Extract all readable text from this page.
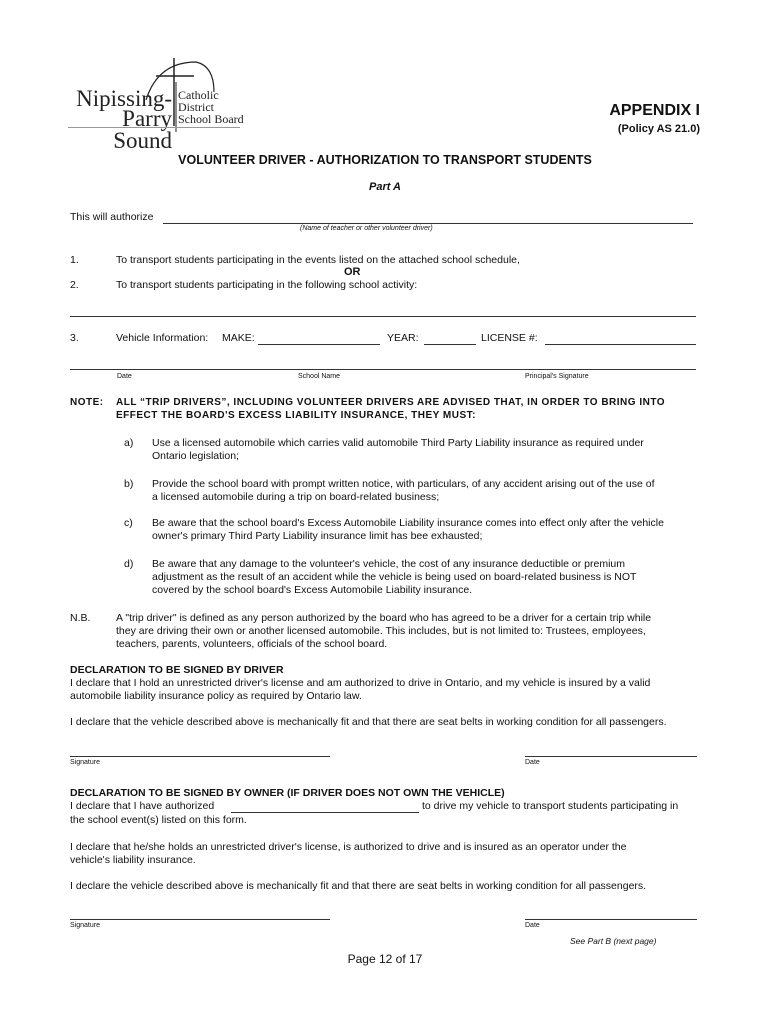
Nipissing-
Parry Sound
Catholic
District
School Board	APPENDIX I
(Policy AS 21.0)
VOLUNTEER DRIVER - AUTHORIZATION TO TRANSPORT STUDENTS
Part A
This will authorize
(Name of teacher or other volunteer driver)
1.	To transport students participating in the events listed on the attached school schedule,
OR
2.	To transport students participating in the following school activity:
3.	Vehicle Information: MAKE:	YEAR:	LICENSE #:
Date	School Name	Principal's Signature
NOTE: ALL “TRIP DRIVERS”, INCLUDING VOLUNTEER DRIVERS ARE ADVISED THAT, IN ORDER TO BRING INTO
EFFECT THE BOARD'S EXCESS LIABILITY INSURANCE, THEY MUST:
a) Use a licensed automobile which carries valid automobile Third Party Liability insurance as required under
Ontario legislation;
b) Provide the school board with prompt written notice, with particulars, of any accident arising out of the use of
a licensed automobile during a trip on board-related business;
c) Be aware that the school board's Excess Automobile Liability insurance comes into effect only after the vehicle
owner's primary Third Party Liability insurance limit has bee exhausted;
d) Be aware that any damage to the volunteer's vehicle, the cost of any insurance deductible or premium
adjustment as the result of an accident while the vehicle is being used on board-related business is NOT
covered by the school board's Excess Automobile Liability insurance.
N.B. A "trip driver" is defined as any person authorized by the board who has agreed to be a driver for a certain trip while
they are driving their own or another licensed automobile. This includes, but is not limited to: Trustees, employees,
teachers, parents, volunteers, officials of the school board.
DECLARATION TO BE SIGNED BY DRIVER
I declare that I hold an unrestricted driver's license and am authorized to drive in Ontario, and my vehicle is insured by a valid
automobile liability insurance policy as required by Ontario law.
I declare that the vehicle described above is mechanically fit and that there are seat belts in working condition for all passengers.
Signature	Date
DECLARATION TO BE SIGNED BY OWNER (IF DRIVER DOES NOT OWN THE VEHICLE)
I declare that I have authorized	to drive my vehicle to transport students participating in
the school event(s) listed on this form.
I declare that he/she holds an unrestricted driver's license, is authorized to drive and is insured as an operator under the
vehicle's liability insurance.
I declare the vehicle described above is mechanically fit and that there are seat belts in working condition for all passengers.
Signature	Date
See Part B (next page)
Page 12 of 17
